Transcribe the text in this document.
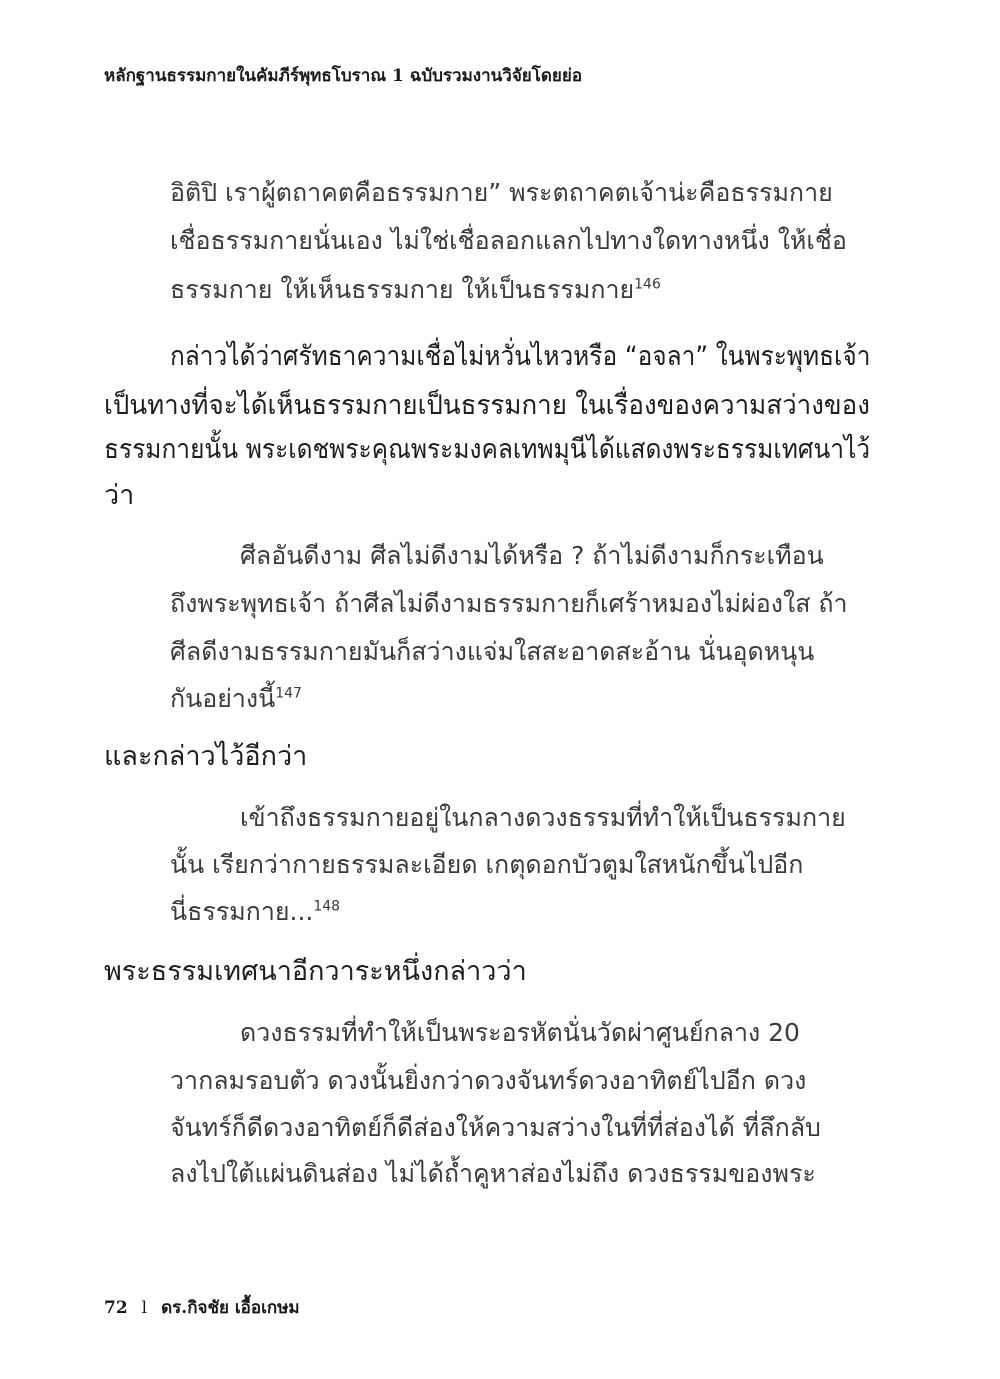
หลักฐานธรรมกายในคัมภีร์พุทธโบราณ 1 ฉบับรวมงานวิจัยโดยย่อ
อิติปิ เราผู้ตถาคตคือธรรมกาย” พระตถาคตเจ้าน่ะคือธรรมกาย
เชื่อธรรมกายนั่นเอง ไม่ใช่เชื่อลอกแลกไปทางใดทางหนึ่ง ให้เชื่อ
ธรรมกาย ให้เห็นธรรมกาย ให้เป็นธรรมกาย$^{146}$
กล่าวได้ว่าศรัทธาความเชื่อไม่หวั่นไหวหรือ “อจลา” ในพระพุทธเจ้า
เป็นทางที่จะได้เห็นธรรมกายเป็นธรรมกาย ในเรื่องของความสว่างของ
ธรรมกายนั้น พระเดชพระคุณพระมงคลเทพมุนีได้แสดงพระธรรมเทศนาไว้
ว่า
ศีลอันดีงาม ศีลไม่ดีงามได้หรือ ? ถ้าไม่ดีงามก็กระเทือน
ถึงพระพุทธเจ้า ถ้าศีลไม่ดีงามธรรมกายก็เศร้าหมองไม่ผ่องใส ถ้า
ศีลดีงามธรรมกายมันก็สว่างแจ่มใสสะอาดสะอ้าน นั่นอุดหนุน
กันอย่างนี้$^{147}$
และกล่าวไว้อีกว่า
เข้าถึงธรรมกายอยู่ในกลางดวงธรรมที่ทำให้เป็นธรรมกาย
นั้น เรียกว่ากายธรรมละเอียด เกตุดอกบัวตูมใสหนักขึ้นไปอีก
นี่ธรรมกาย...$^{148}$
พระธรรมเทศนาอีกวาระหนึ่งกล่าวว่า
ดวงธรรมที่ทำให้เป็นพระอรหัตนั่นวัดผ่าศูนย์กลาง 20
วากลมรอบตัว ดวงนั้นยิ่งกว่าดวงจันทร์ดวงอาทิตย์ไปอีก ดวง
จันทร์ก็ดีดวงอาทิตย์ก็ดีส่องให้ความสว่างในที่ที่ส่องได้ ที่ลึกลับ
ลงไปใต้แผ่นดินส่อง ไม่ได้ถ้ำคูหาส่องไม่ถึง ดวงธรรมของพระ
72 l ดร.กิจชัย เอื้อเกษม
